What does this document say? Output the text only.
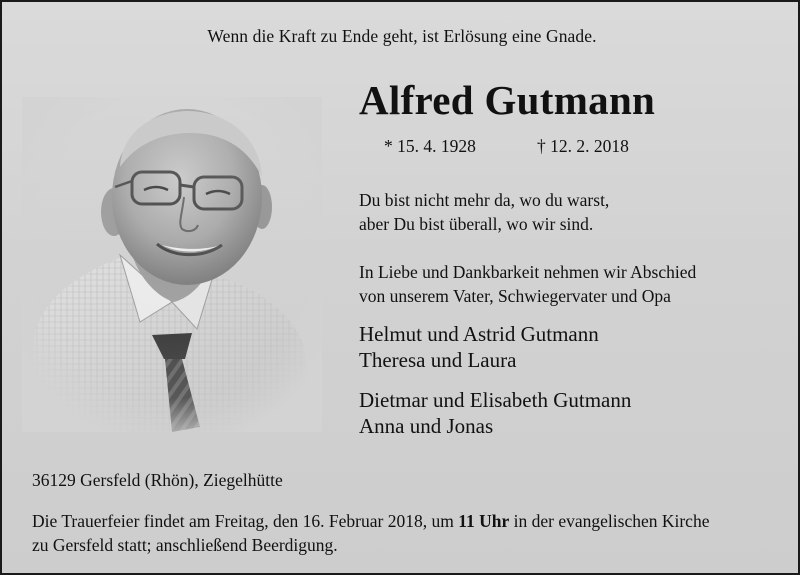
Wenn die Kraft zu Ende geht, ist Erlösung eine Gnade.
Alfred Gutmann
* 15. 4. 1928	† 12. 2. 2018
Du bist nicht mehr da, wo du warst,
aber Du bist überall, wo wir sind.
In Liebe und Dankbarkeit nehmen wir Abschied
von unserem Vater, Schwiegervater und Opa
Helmut und Astrid Gutmann
Theresa und Laura
Dietmar und Elisabeth Gutmann
Anna und Jonas
36129 Gersfeld (Rhön), Ziegelhütte
Die Trauerfeier findet am Freitag, den 16. Februar 2018, um 11 Uhr in der evangelischen Kirche
zu Gersfeld statt; anschließend Beerdigung.
